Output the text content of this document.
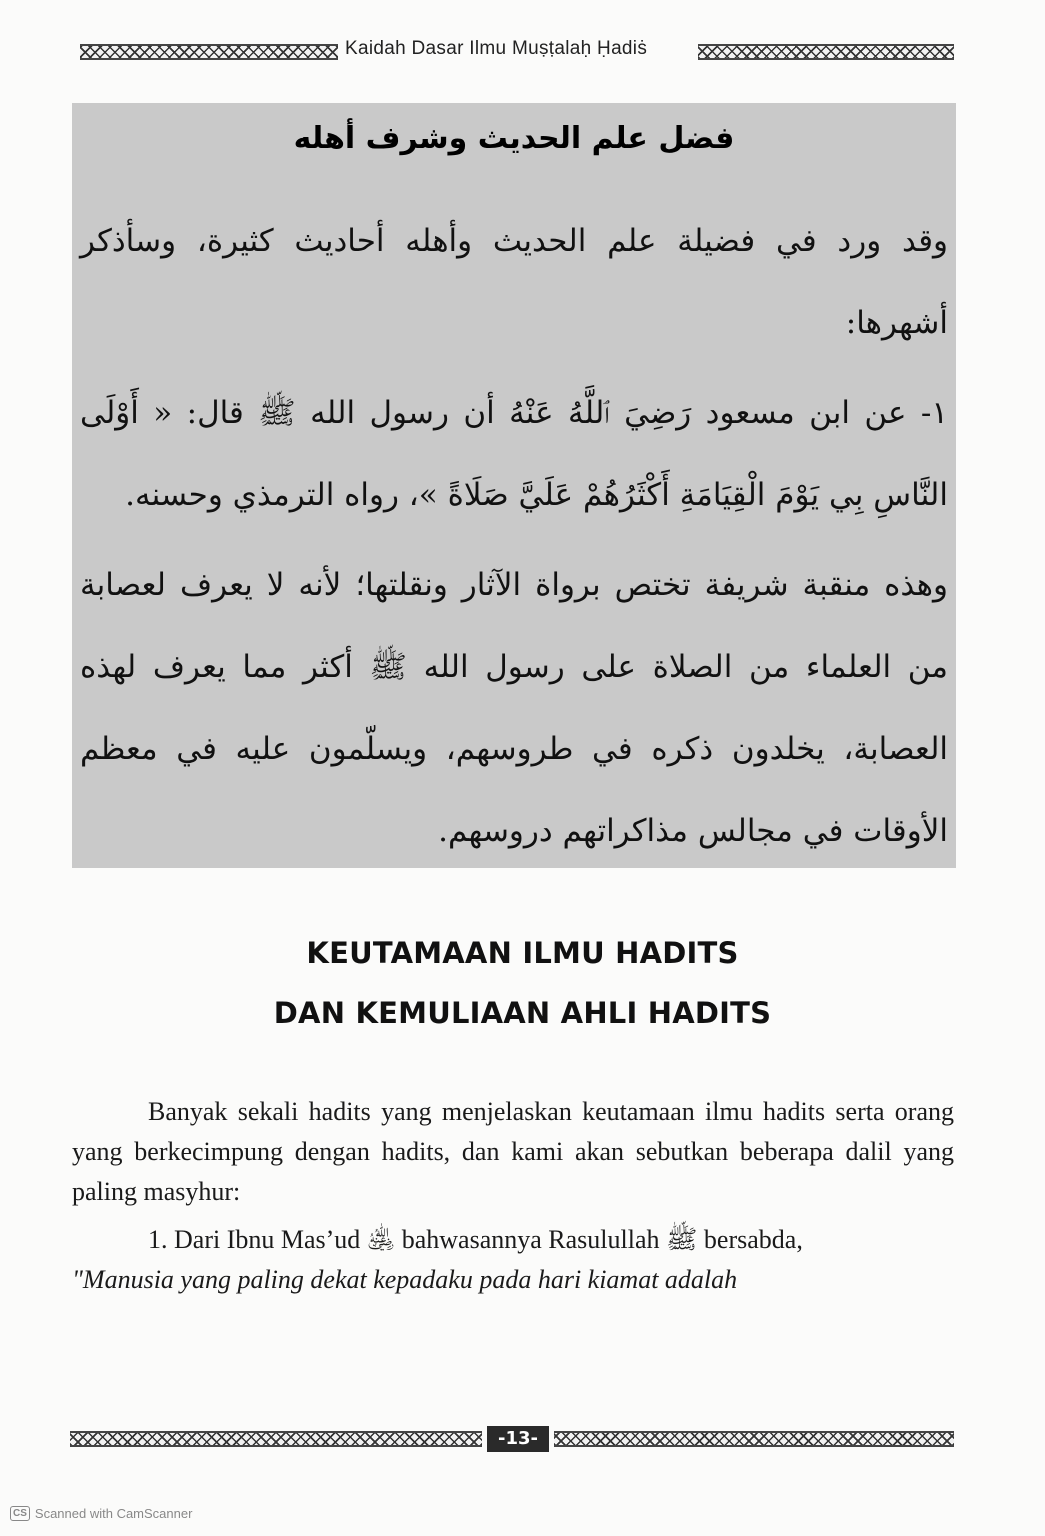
Kaidah Dasar Ilmu Muṣṭalaḥ Ḥadiṡ
فضل علم الحديث وشرف أهله

وقد ورد في فضيلة علم الحديث وأهله أحاديث كثيرة، وسأذكر أشهرها:

١- عن ابن مسعود رَضِيَ ٱللَّهُ عَنْهُ أن رسول الله ﷺ قال: « أَوْلَى النَّاسِ بِي يَوْمَ الْقِيَامَةِ أَكْثَرُهُمْ عَلَيَّ صَلَاةً »، رواه الترمذي وحسنه.

وهذه منقبة شريفة تختص برواة الآثار ونقلتها؛ لأنه لا يعرف لعصابة من العلماء من الصلاة على رسول الله ﷺ أكثر مما يعرف لهذه العصابة، يخلدون ذكره في طروسهم، ويسلّمون عليه في معظم الأوقات في مجالس مذاكراتهم دروسهم.

KEUTAMAAN ILMU HADITS
DAN KEMULIAAN AHLI HADITS

Banyak sekali hadits yang menjelaskan keutamaan ilmu hadits serta orang yang berkecimpung dengan hadits, dan kami akan sebutkan beberapa dalil yang paling masyhur:

1. Dari Ibnu Mas’ud ﵁ bahwasannya Rasulullah ﷺ bersabda,

"Manusia yang paling dekat kepadaku pada hari kiamat adalah

-13-
CS Scanned with CamScanner
